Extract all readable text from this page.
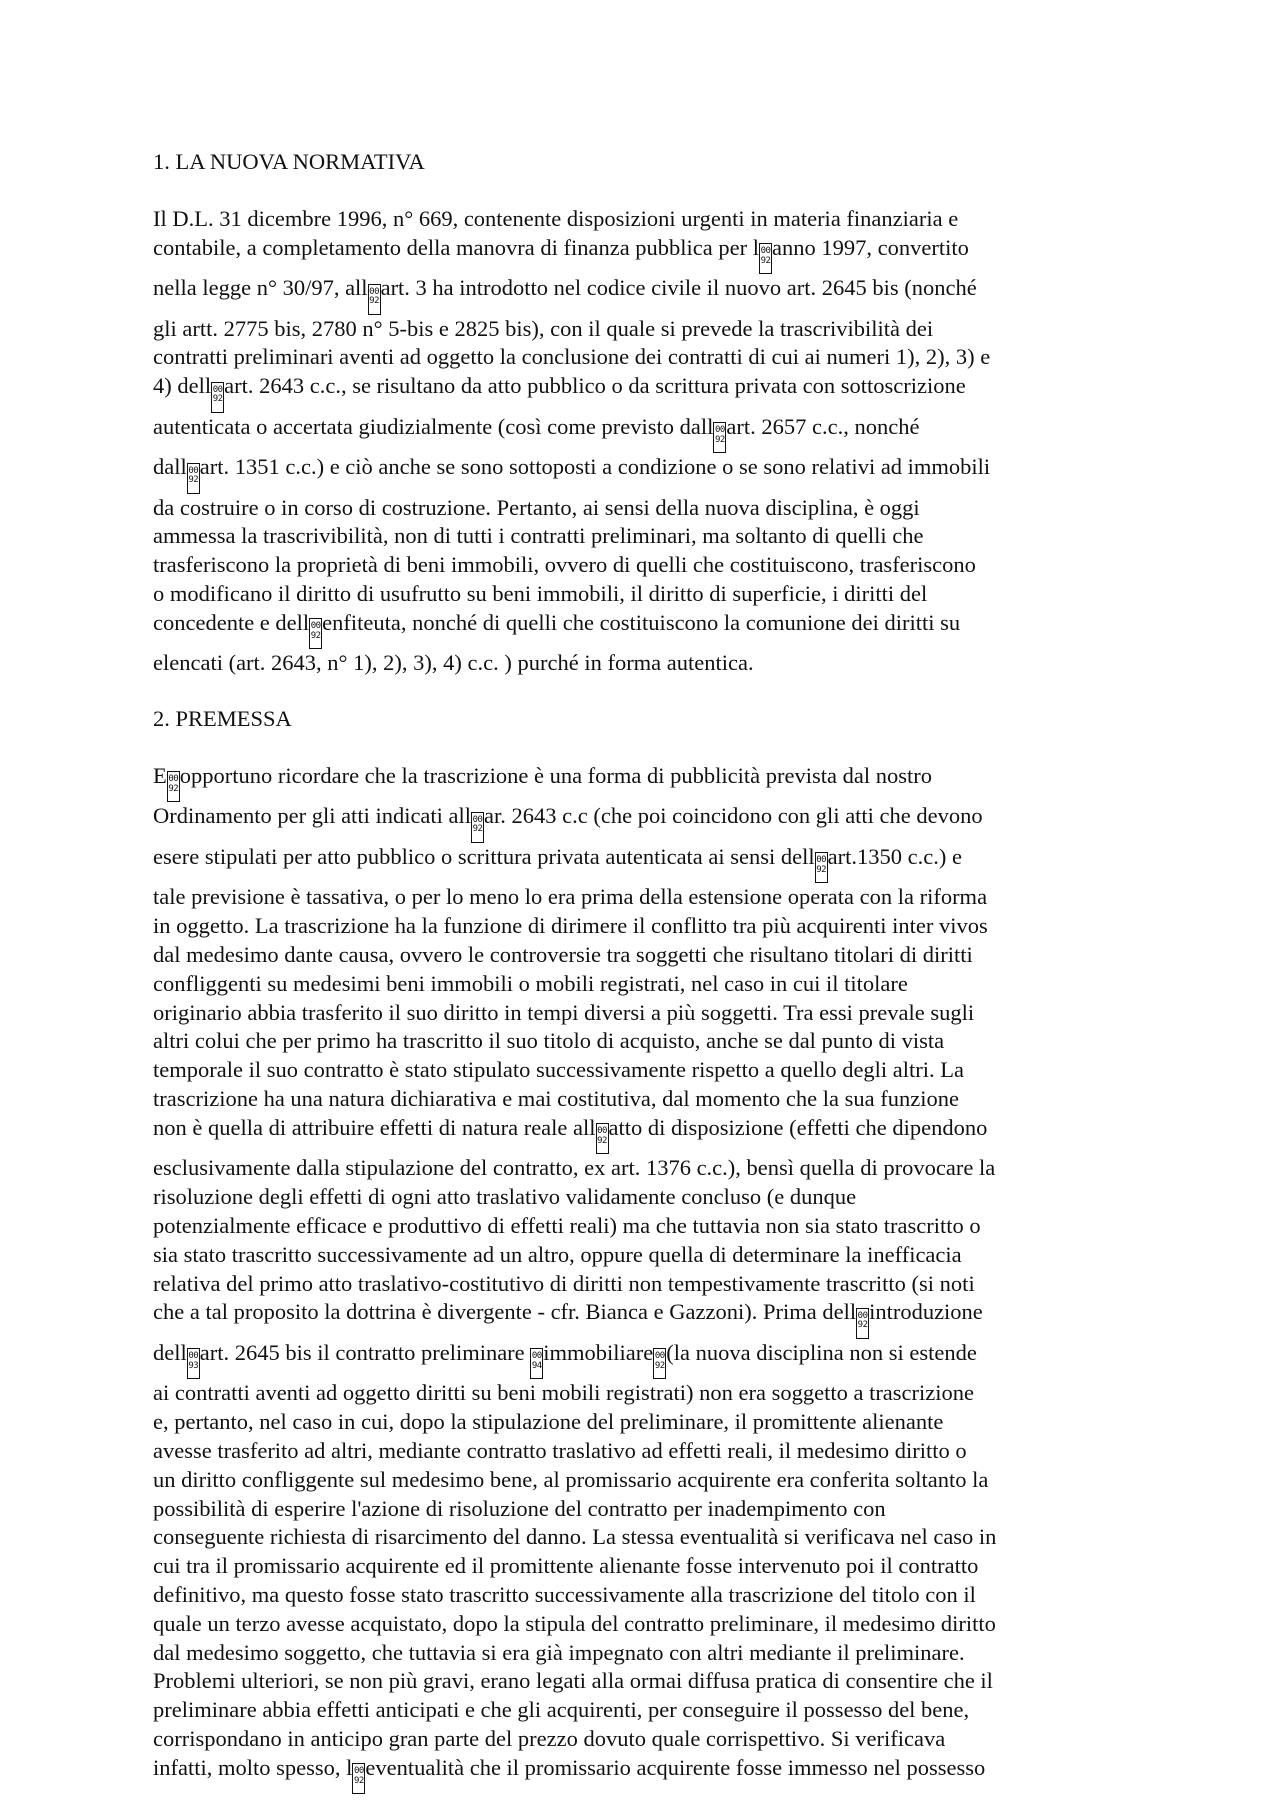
1. LA NUOVA NORMATIVA

Il D.L. 31 dicembre 1996, n° 669, contenente disposizioni urgenti in materia finanziaria e
contabile, a completamento della manovra di finanza pubblica per l 00
92anno 1997, convertito
nella legge n° 30/97, all 00
92art. 3 ha introdotto nel codice civile il nuovo art. 2645 bis (nonché
gli artt. 2775 bis, 2780 n° 5-bis e 2825 bis), con il quale si prevede la trascrivibilità dei
contratti preliminari aventi ad oggetto la conclusione dei contratti di cui ai numeri 1), 2), 3) e
4) dell 00
92art. 2643 c.c., se risultano da atto pubblico o da scrittura privata con sottoscrizione
autenticata o accertata giudizialmente (così come previsto dall 00
92art. 2657 c.c., nonché
dall 00
92art. 1351 c.c.) e ciò anche se sono sottoposti a condizione o se sono relativi ad immobili
da costruire o in corso di costruzione. Pertanto, ai sensi della nuova disciplina, è oggi
ammessa la trascrivibilità, non di tutti i contratti preliminari, ma soltanto di quelli che
trasferiscono la proprietà di beni immobili, ovvero di quelli che costituiscono, trasferiscono
o modificano il diritto di usufrutto su beni immobili, il diritto di superficie, i diritti del
concedente e dell 00
92enfiteuta, nonché di quelli che costituiscono la comunione dei diritti su
elencati (art. 2643, n° 1), 2), 3), 4) c.c. ) purché in forma autentica.

2. PREMESSA

E 00
92opportuno ricordare che la trascrizione è una forma di pubblicità prevista dal nostro
Ordinamento per gli atti indicati all 00
92ar. 2643 c.c (che poi coincidono con gli atti che devono
esere stipulati per atto pubblico o scrittura privata autenticata ai sensi dell 00
92art.1350 c.c.) e
tale previsione è tassativa, o per lo meno lo era prima della estensione operata con la riforma
in oggetto. La trascrizione ha la funzione di dirimere il conflitto tra più acquirenti inter vivos
dal medesimo dante causa, ovvero le controversie tra soggetti che risultano titolari di diritti
confliggenti su medesimi beni immobili o mobili registrati, nel caso in cui il titolare
originario abbia trasferito il suo diritto in tempi diversi a più soggetti. Tra essi prevale sugli
altri colui che per primo ha trascritto il suo titolo di acquisto, anche se dal punto di vista
temporale il suo contratto è stato stipulato successivamente rispetto a quello degli altri. La
trascrizione ha una natura dichiarativa e mai costitutiva, dal momento che la sua funzione
non è quella di attribuire effetti di natura reale all 00
92atto di disposizione (effetti che dipendono
esclusivamente dalla stipulazione del contratto, ex art. 1376 c.c.), bensì quella di provocare la
risoluzione degli effetti di ogni atto traslativo validamente concluso (e dunque
potenzialmente efficace e produttivo di effetti reali) ma che tuttavia non sia stato trascritto o
sia stato trascritto successivamente ad un altro, oppure quella di determinare la inefficacia
relativa del primo atto traslativo-costitutivo di diritti non tempestivamente trascritto (si noti
che a tal proposito la dottrina è divergente - cfr. Bianca e Gazzoni). Prima dell 00
92introduzione
dell 00
93art. 2645 bis il contratto preliminare 00
94immobiliare 00
92(la nuova disciplina non si estende
ai contratti aventi ad oggetto diritti su beni mobili registrati) non era soggetto a trascrizione
e, pertanto, nel caso in cui, dopo la stipulazione del preliminare, il promittente alienante
avesse trasferito ad altri, mediante contratto traslativo ad effetti reali, il medesimo diritto o
un diritto confliggente sul medesimo bene, al promissario acquirente era conferita soltanto la
possibilità di esperire l'azione di risoluzione del contratto per inadempimento con
conseguente richiesta di risarcimento del danno. La stessa eventualità si verificava nel caso in
cui tra il promissario acquirente ed il promittente alienante fosse intervenuto poi il contratto
definitivo, ma questo fosse stato trascritto successivamente alla trascrizione del titolo con il
quale un terzo avesse acquistato, dopo la stipula del contratto preliminare, il medesimo diritto
dal medesimo soggetto, che tuttavia si era già impegnato con altri mediante il preliminare.
Problemi ulteriori, se non più gravi, erano legati alla ormai diffusa pratica di consentire che il
preliminare abbia effetti anticipati e che gli acquirenti, per conseguire il possesso del bene,
corrispondano in anticipo gran parte del prezzo dovuto quale corrispettivo. Si verificava
infatti, molto spesso, l 00
92eventualità che il promissario acquirente fosse immesso nel possesso
